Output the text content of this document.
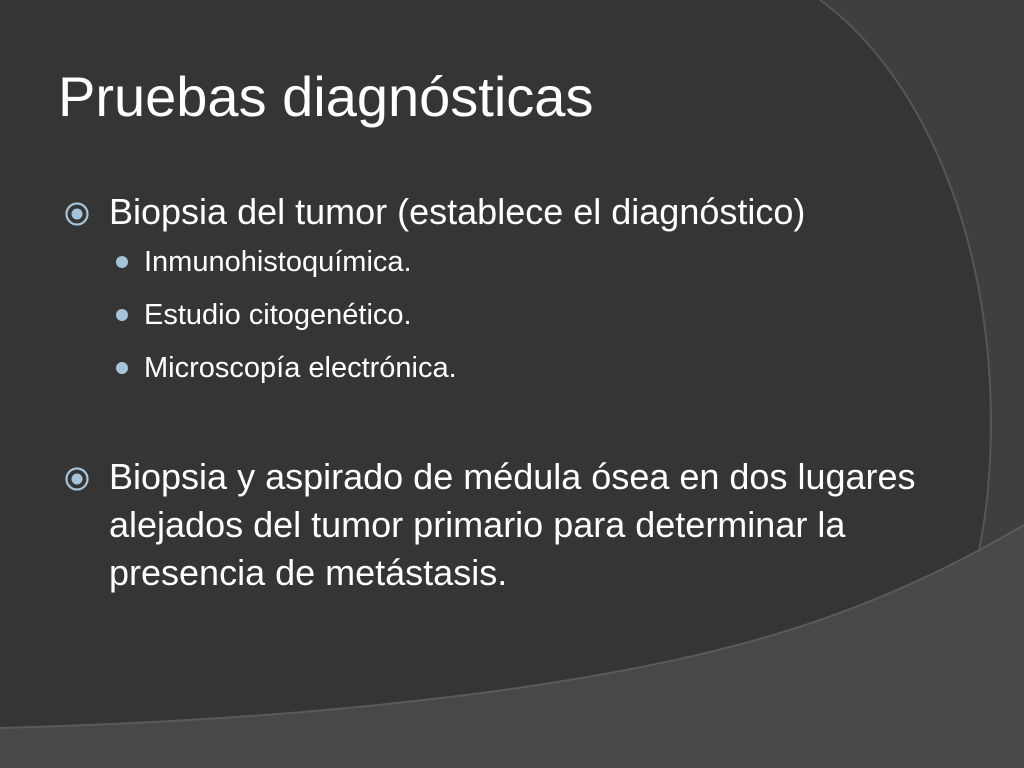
Pruebas diagnósticas
Biopsia del tumor (establece el diagnóstico)
Inmunohistoquímica.
Estudio citogenético.
Microscopía electrónica.
Biopsia y aspirado de médula ósea en dos lugares alejados del tumor primario para determinar la presencia de metástasis.
